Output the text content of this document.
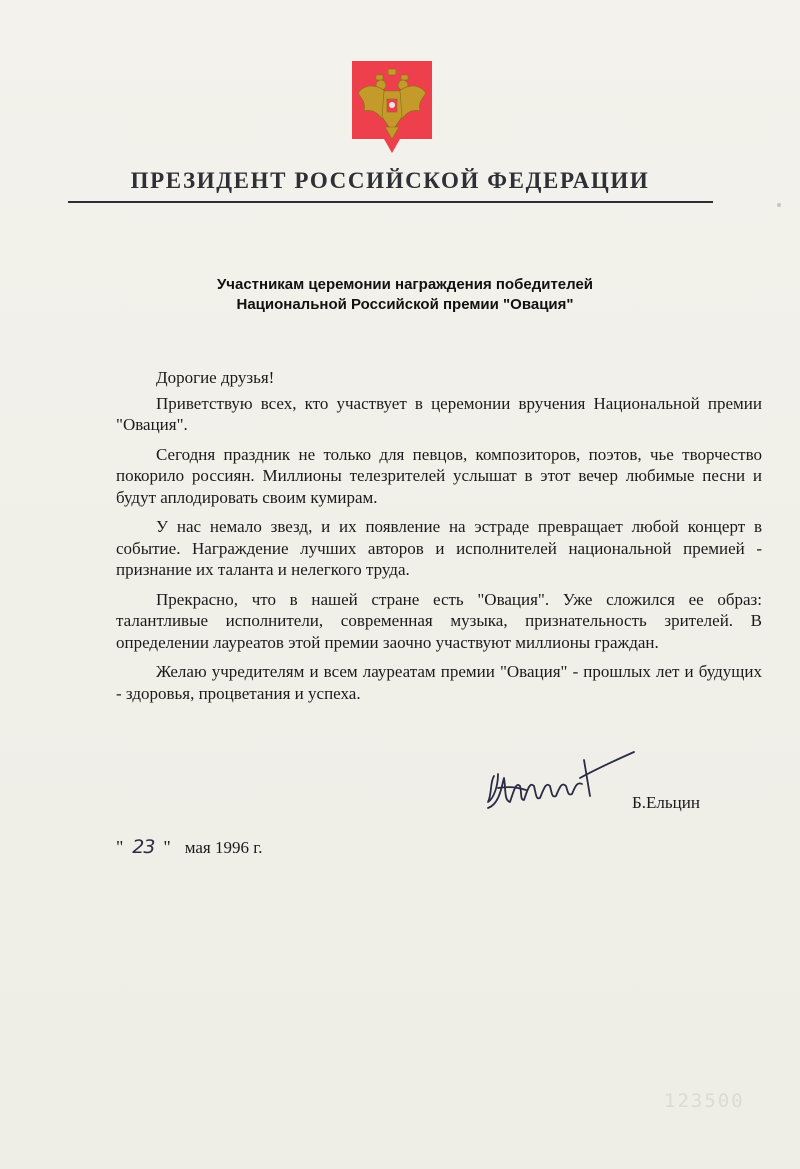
ПРЕЗИДЕНТ РОССИЙСКОЙ ФЕДЕРАЦИИ
Участникам церемонии награждения победителей
Национальной Российской премии "Овация"

Дорогие друзья!

Приветствую всех, кто участвует в церемонии вручения Национальной премии "Овация".

Сегодня праздник не только для певцов, композиторов, поэтов, чье творчество покорило россиян. Миллионы телезрителей услышат в этот вечер любимые песни и будут аплодировать своим кумирам.

У нас немало звезд, и их появление на эстраде превращает любой концерт в событие. Награждение лучших авторов и исполнителей национальной премией - признание их таланта и нелегкого труда.

Прекрасно, что в нашей стране есть "Овация". Уже сложился ее образ: талантливые исполнители, современная музыка, признательность зрителей. В определении лауреатов этой премии заочно участвуют миллионы граждан.

Желаю учредителям и всем лауреатам премии "Овация" - прошлых лет и будущих - здоровья, процветания и успеха.

Б.Ельцин
" 23 " мая 1996 г.
123500
